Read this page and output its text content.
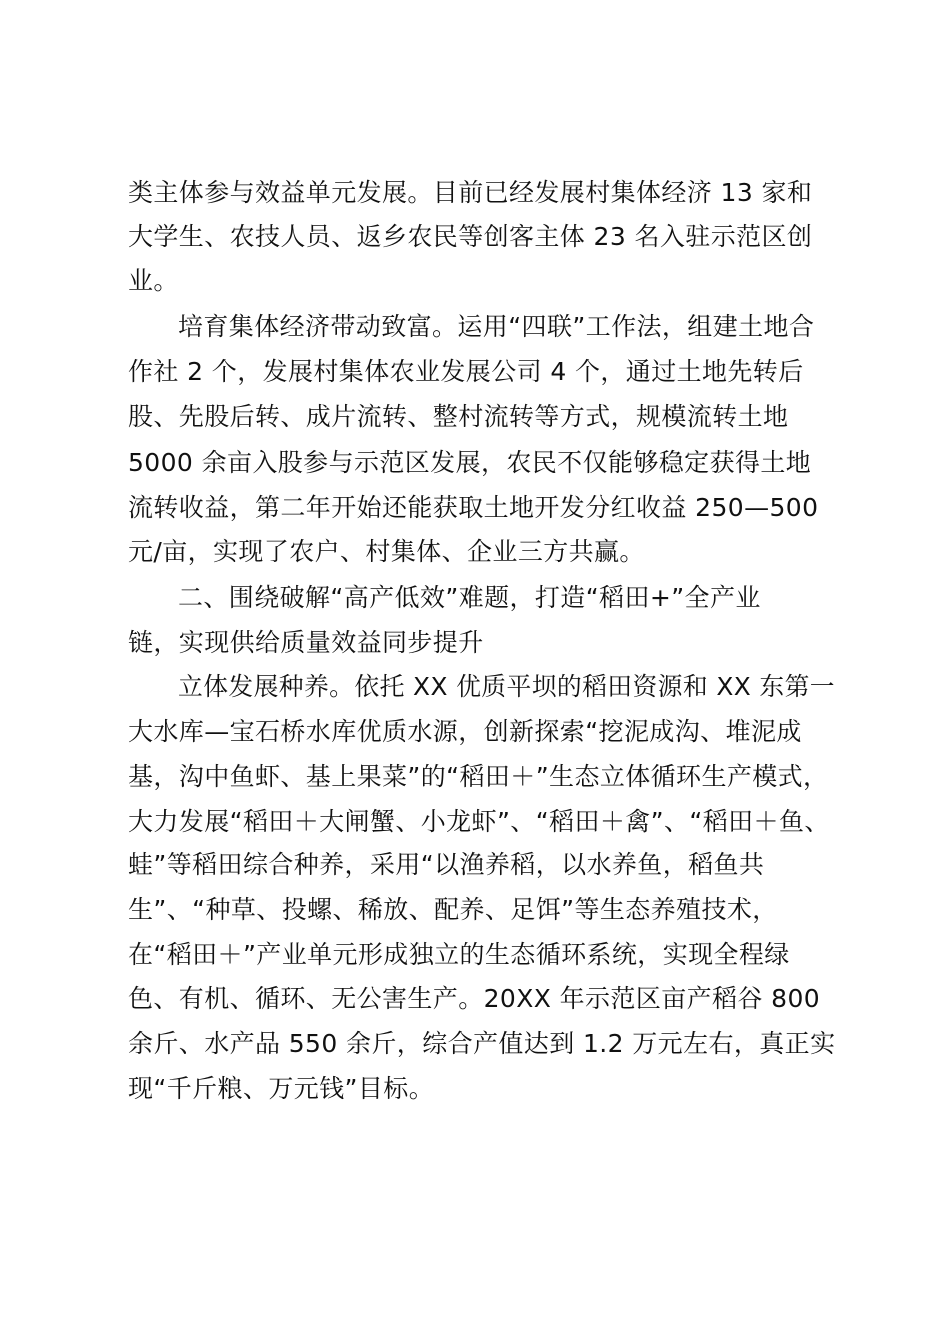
类主体参与效益单元发展。目前已经发展村集体经济 13 家和
大学生、农技人员、返乡农民等创客主体 23 名入驻示范区创
业。
培育集体经济带动致富。运用“四联”工作法，组建土地合
作社 2 个，发展村集体农业发展公司 4 个，通过土地先转后
股、先股后转、成片流转、整村流转等方式，规模流转土地
5000 余亩入股参与示范区发展，农民不仅能够稳定获得土地
流转收益，第二年开始还能获取土地开发分红收益 250—500
元/亩，实现了农户、村集体、企业三方共赢。
二、围绕破解“高产低效”难题，打造“稻田+”全产业
链，实现供给质量效益同步提升
立体发展种养。依托 XX 优质平坝的稻田资源和 XX 东第一
大水库—宝石桥水库优质水源，创新探索“挖泥成沟、堆泥成
基，沟中鱼虾、基上果菜”的“稻田＋”生态立体循环生产模式，
大力发展“稻田＋大闸蟹、小龙虾”、“稻田＋禽”、“稻田＋鱼、
蛙”等稻田综合种养，采用“以渔养稻，以水养鱼，稻鱼共
生”、“种草、投螺、稀放、配养、足饵”等生态养殖技术，
在“稻田＋”产业单元形成独立的生态循环系统，实现全程绿
色、有机、循环、无公害生产。20XX 年示范区亩产稻谷 800
余斤、水产品 550 余斤，综合产值达到 1.2 万元左右，真正实
现“千斤粮、万元钱”目标。
